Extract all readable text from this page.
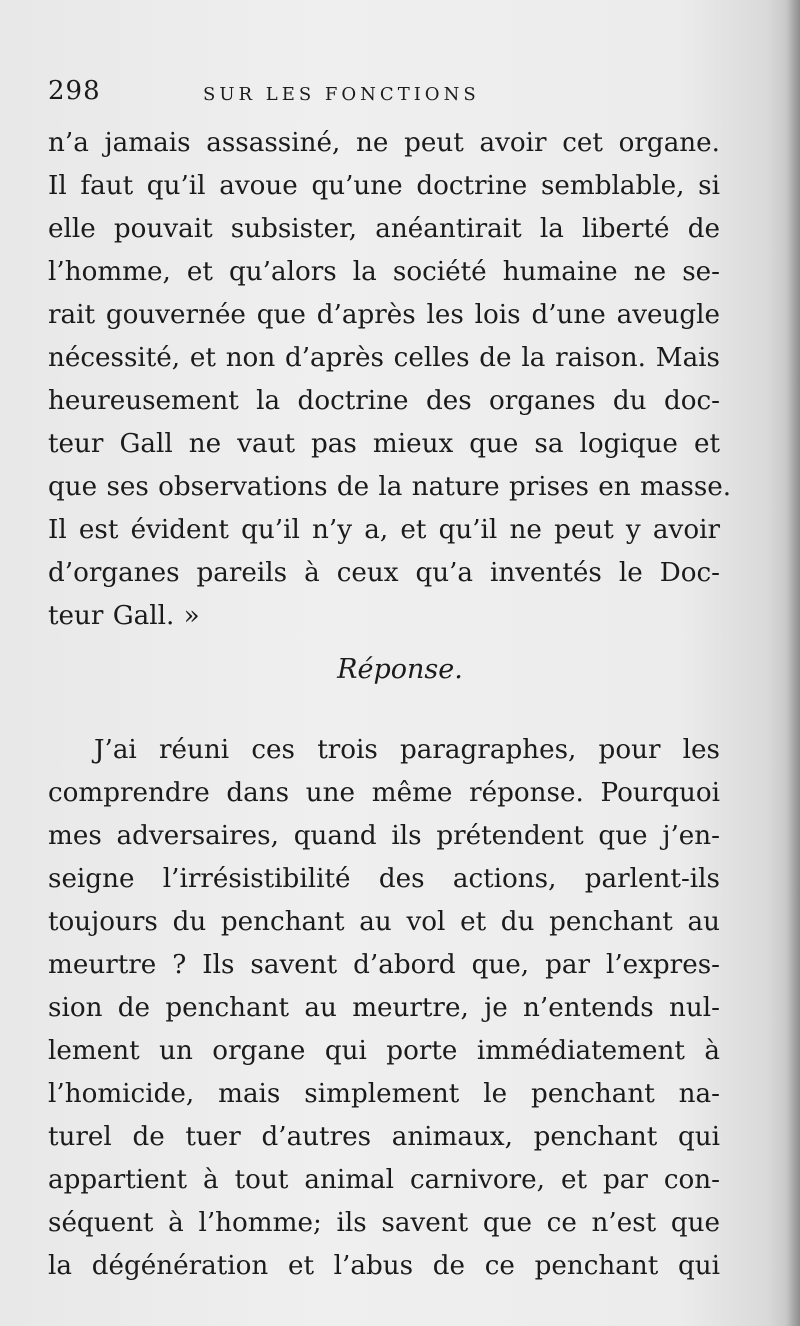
298	SUR LES FONCTIONS
n’a jamais assassiné, ne peut avoir cet organe.
Il faut qu’il avoue qu’une doctrine semblable, si
elle pouvait subsister, anéantirait la liberté de
l’homme, et qu’alors la société humaine ne se-
rait gouvernée que d’après les lois d’une aveugle
nécessité, et non d’après celles de la raison. Mais
heureusement la doctrine des organes du doc-
teur Gall ne vaut pas mieux que sa logique et
que ses observations de la nature prises en masse.
Il est évident qu’il n’y a, et qu’il ne peut y avoir
d’organes pareils à ceux qu’a inventés le Doc-
teur Gall. »
Réponse.
J’ai réuni ces trois paragraphes, pour les
comprendre dans une même réponse. Pourquoi
mes adversaires, quand ils prétendent que j’en-
seigne l’irrésistibilité des actions, parlent-ils
toujours du penchant au vol et du penchant au
meurtre ? Ils savent d’abord que, par l’expres-
sion de penchant au meurtre, je n’entends nul-
lement un organe qui porte immédiatement à
l’homicide, mais simplement le penchant na-
turel de tuer d’autres animaux, penchant qui
appartient à tout animal carnivore, et par con-
séquent à l’homme; ils savent que ce n’est que
la dégénération et l’abus de ce penchant qui
